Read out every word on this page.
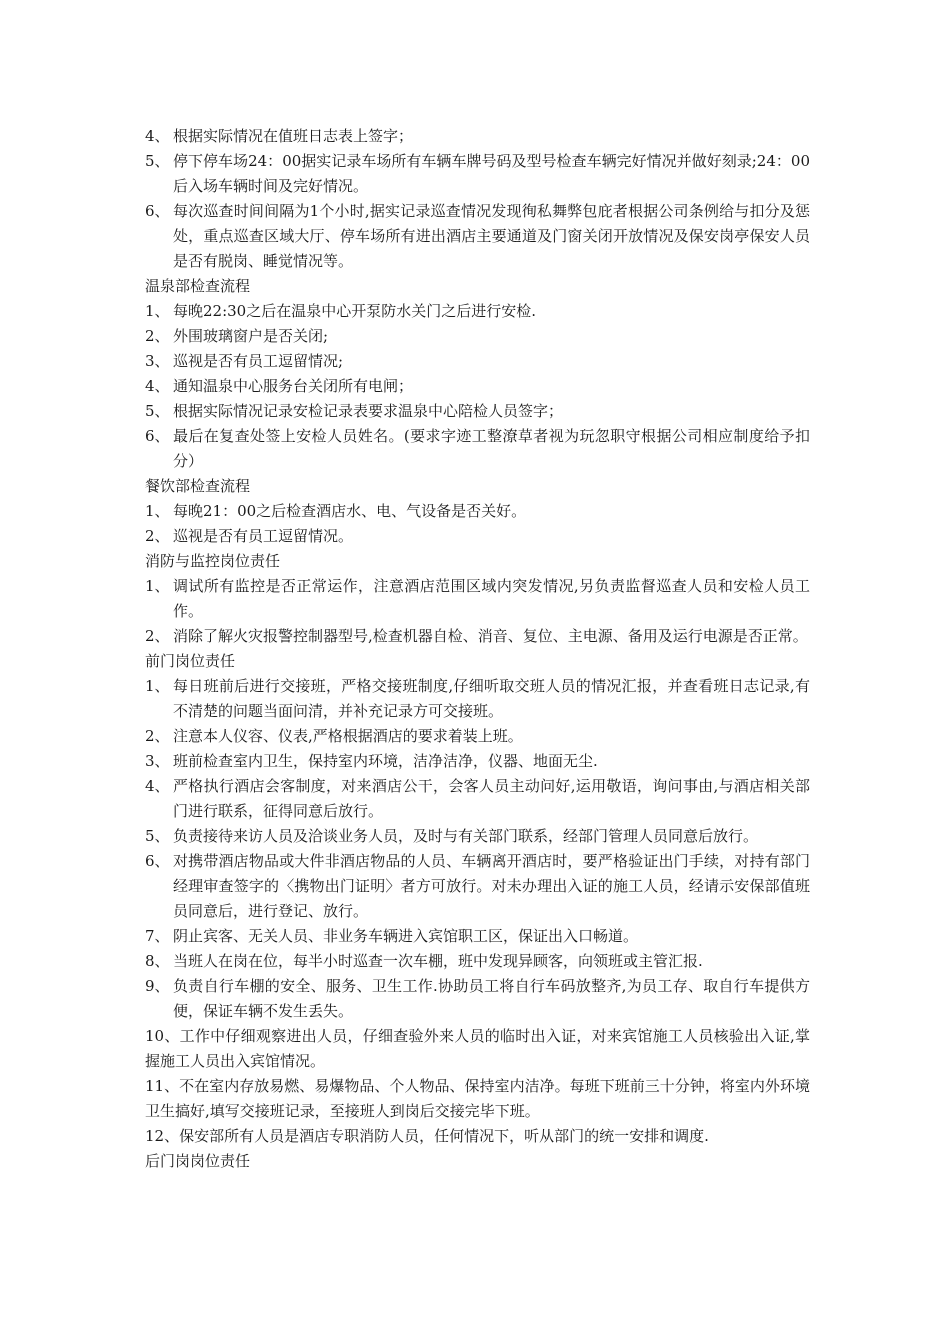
4、 根据实际情况在值班日志表上签字；
5、 停下停车场24：00据实记录车场所有车辆车牌号码及型号检查车辆完好情况并做好刻录;24：00后入场车辆时间及完好情况。
6、 每次巡查时间间隔为1个小时,据实记录巡查情况发现徇私舞弊包庇者根据公司条例给与扣分及惩处，重点巡查区域大厅、停车场所有进出酒店主要通道及门窗关闭开放情况及保安岗亭保安人员是否有脱岗、睡觉情况等。
温泉部检查流程
1、 每晚22:30之后在温泉中心开泵防水关门之后进行安检.
2、 外围玻璃窗户是否关闭;
3、 巡视是否有员工逗留情况;
4、 通知温泉中心服务台关闭所有电闸；
5、 根据实际情况记录安检记录表要求温泉中心陪检人员签字；
6、 最后在复查处签上安检人员姓名。(要求字迹工整潦草者视为玩忽职守根据公司相应制度给予扣分）
餐饮部检查流程
1、 每晚21：00之后检查酒店水、电、气设备是否关好。
2、 巡视是否有员工逗留情况。
消防与监控岗位责任
1、 调试所有监控是否正常运作，注意酒店范围区域内突发情况,另负责监督巡查人员和安检人员工作。
2、 消除了解火灾报警控制器型号,检查机器自检、消音、复位、主电源、备用及运行电源是否正常。
前门岗位责任
1、 每日班前后进行交接班，严格交接班制度,仔细听取交班人员的情况汇报，并查看班日志记录,有不清楚的问题当面问清，并补充记录方可交接班。
2、 注意本人仪容、仪表,严格根据酒店的要求着装上班。
3、 班前检查室内卫生，保持室内环境，洁净洁净，仪器、地面无尘.
4、 严格执行酒店会客制度，对来酒店公干，会客人员主动问好,运用敬语，询问事由,与酒店相关部门进行联系，征得同意后放行。
5、 负责接待来访人员及洽谈业务人员，及时与有关部门联系，经部门管理人员同意后放行。
6、 对携带酒店物品或大件非酒店物品的人员、车辆离开酒店时，要严格验证出门手续，对持有部门经理审查签字的〈携物出门证明〉者方可放行。对未办理出入证的施工人员，经请示安保部值班员同意后，进行登记、放行。
7、 阴止宾客、无关人员、非业务车辆进入宾馆职工区，保证出入口畅道。
8、 当班人在岗在位，每半小时巡查一次车棚，班中发现异顾客，向领班或主管汇报.
9、 负责自行车棚的安全、服务、卫生工作.协助员工将自行车码放整齐,为员工存、取自行车提供方便，保证车辆不发生丢失。
10、工作中仔细观察进出人员，仔细查验外来人员的临时出入证，对来宾馆施工人员核验出入证,掌握施工人员出入宾馆情况。
11、不在室内存放易燃、易爆物品、个人物品、保持室内洁净。每班下班前三十分钟，将室内外环境卫生搞好,填写交接班记录，至接班人到岗后交接完毕下班。
12、保安部所有人员是酒店专职消防人员，任何情况下，听从部门的统一安排和调度.
后门岗岗位责任
